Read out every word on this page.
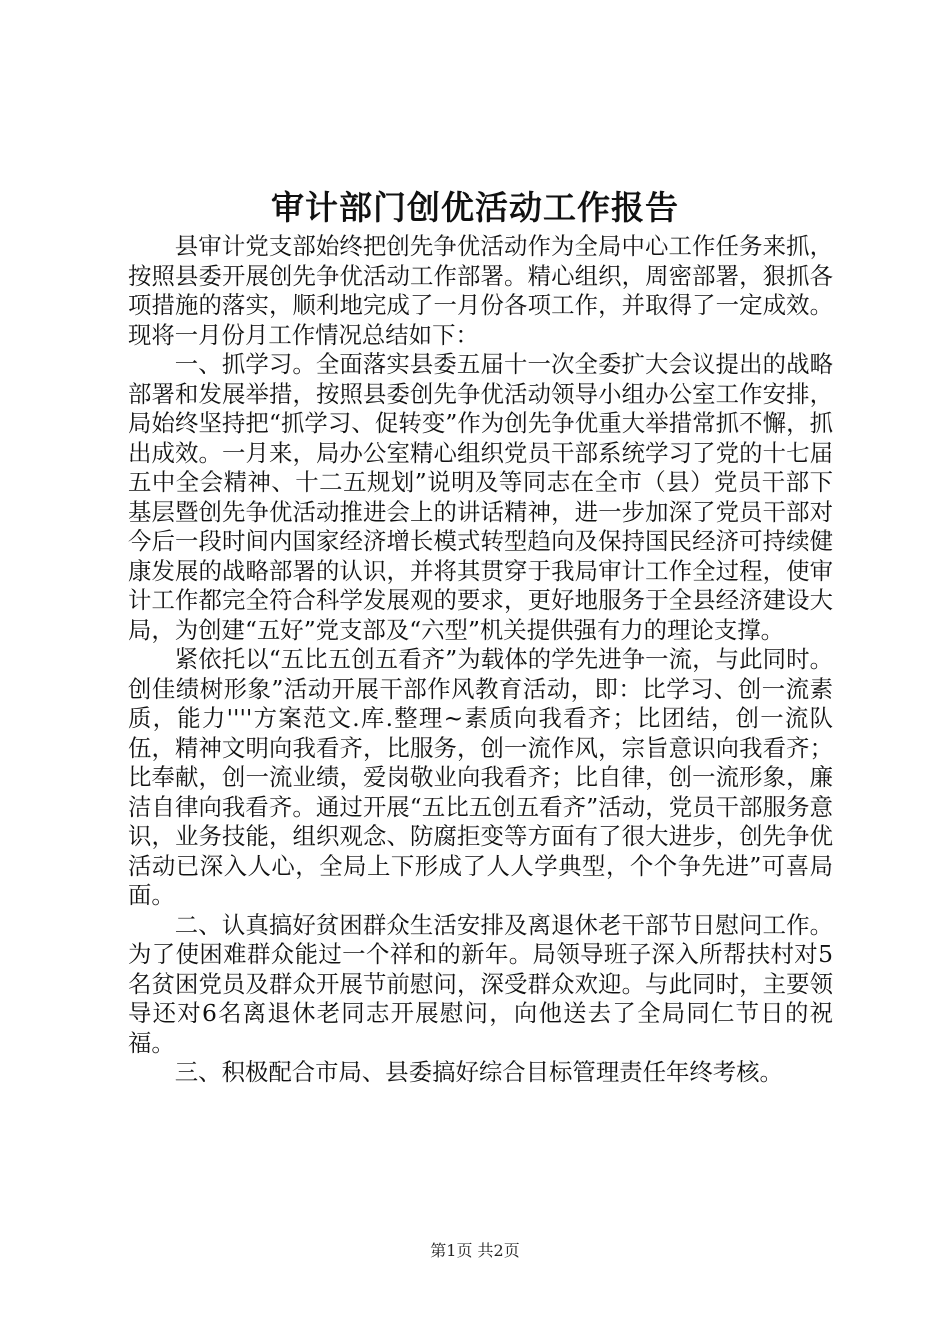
审计部门创优活动工作报告

县审计党支部始终把创先争优活动作为全局中心工作任务来抓，按照县委开展创先争优活动工作部署。精心组织，周密部署，狠抓各项措施的落实，顺利地完成了一月份各项工作，并取得了一定成效。现将一月份月工作情况总结如下：

一、抓学习。全面落实县委五届十一次全委扩大会议提出的战略部署和发展举措，按照县委创先争优活动领导小组办公室工作安排，局始终坚持把“抓学习、促转变”作为创先争优重大举措常抓不懈，抓出成效。一月来，局办公室精心组织党员干部系统学习了党的十七届五中全会精神、十二五规划”说明及等同志在全市（县）党员干部下基层暨创先争优活动推进会上的讲话精神，进一步加深了党员干部对今后一段时间内国家经济增长模式转型趋向及保持国民经济可持续健康发展的战略部署的认识，并将其贯穿于我局审计工作全过程，使审计工作都完全符合科学发展观的要求，更好地服务于全县经济建设大局，为创建“五好”党支部及“六型”机关提供强有力的理论支撑。

紧依托以“五比五创五看齐”为载体的学先进争一流，与此同时。创佳绩树形象”活动开展干部作风教育活动，即：比学习、创一流素质，能力''''方案范文.库.整理~素质向我看齐；比团结，创一流队伍，精神文明向我看齐，比服务，创一流作风，宗旨意识向我看齐；比奉献，创一流业绩，爱岗敬业向我看齐；比自律，创一流形象，廉洁自律向我看齐。通过开展“五比五创五看齐”活动，党员干部服务意识，业务技能，组织观念、防腐拒变等方面有了很大进步，创先争优活动已深入人心，全局上下形成了人人学典型，个个争先进”可喜局面。

二、认真搞好贫困群众生活安排及离退休老干部节日慰问工作。为了使困难群众能过一个祥和的新年。局领导班子深入所帮扶村对5名贫困党员及群众开展节前慰问，深受群众欢迎。与此同时，主要领导还对6名离退休老同志开展慰问，向他送去了全局同仁节日的祝福。

三、积极配合市局、县委搞好综合目标管理责任年终考核。

第1页 共2页
